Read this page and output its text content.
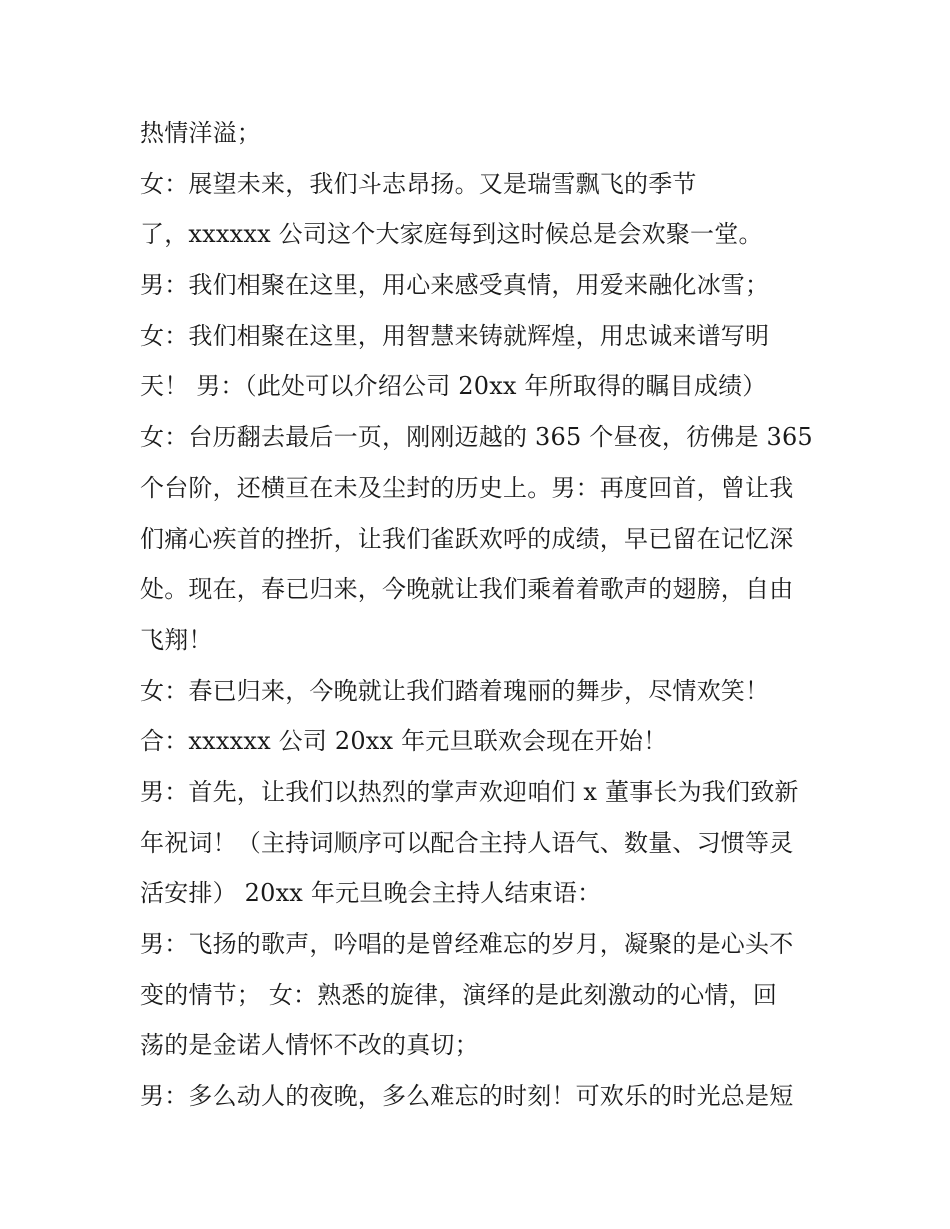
热情洋溢；
女：展望未来，我们斗志昂扬。又是瑞雪飘飞的季节
了，xxxxxx 公司这个大家庭每到这时候总是会欢聚一堂。
男：我们相聚在这里，用心来感受真情，用爱来融化冰雪；
女：我们相聚在这里，用智慧来铸就辉煌，用忠诚来谱写明
天！ 男：（此处可以介绍公司 20xx 年所取得的瞩目成绩）
女：台历翻去最后一页，刚刚迈越的 365 个昼夜，彷佛是 365
个台阶，还横亘在未及尘封的历史上。男：再度回首，曾让我
们痛心疾首的挫折，让我们雀跃欢呼的成绩，早已留在记忆深
处。现在，春已归来，今晚就让我们乘着着歌声的翅膀，自由
飞翔！
女：春已归来，今晚就让我们踏着瑰丽的舞步，尽情欢笑！
合：xxxxxx 公司 20xx 年元旦联欢会现在开始！
男：首先，让我们以热烈的掌声欢迎咱们 x 董事长为我们致新
年祝词！（主持词顺序可以配合主持人语气、数量、习惯等灵
活安排） 20xx 年元旦晚会主持人结束语：
男：飞扬的歌声，吟唱的是曾经难忘的岁月，凝聚的是心头不
变的情节； 女：熟悉的旋律，演绎的是此刻激动的心情，回
荡的是金诺人情怀不改的真切；
男：多么动人的夜晚，多么难忘的时刻！可欢乐的时光总是短
